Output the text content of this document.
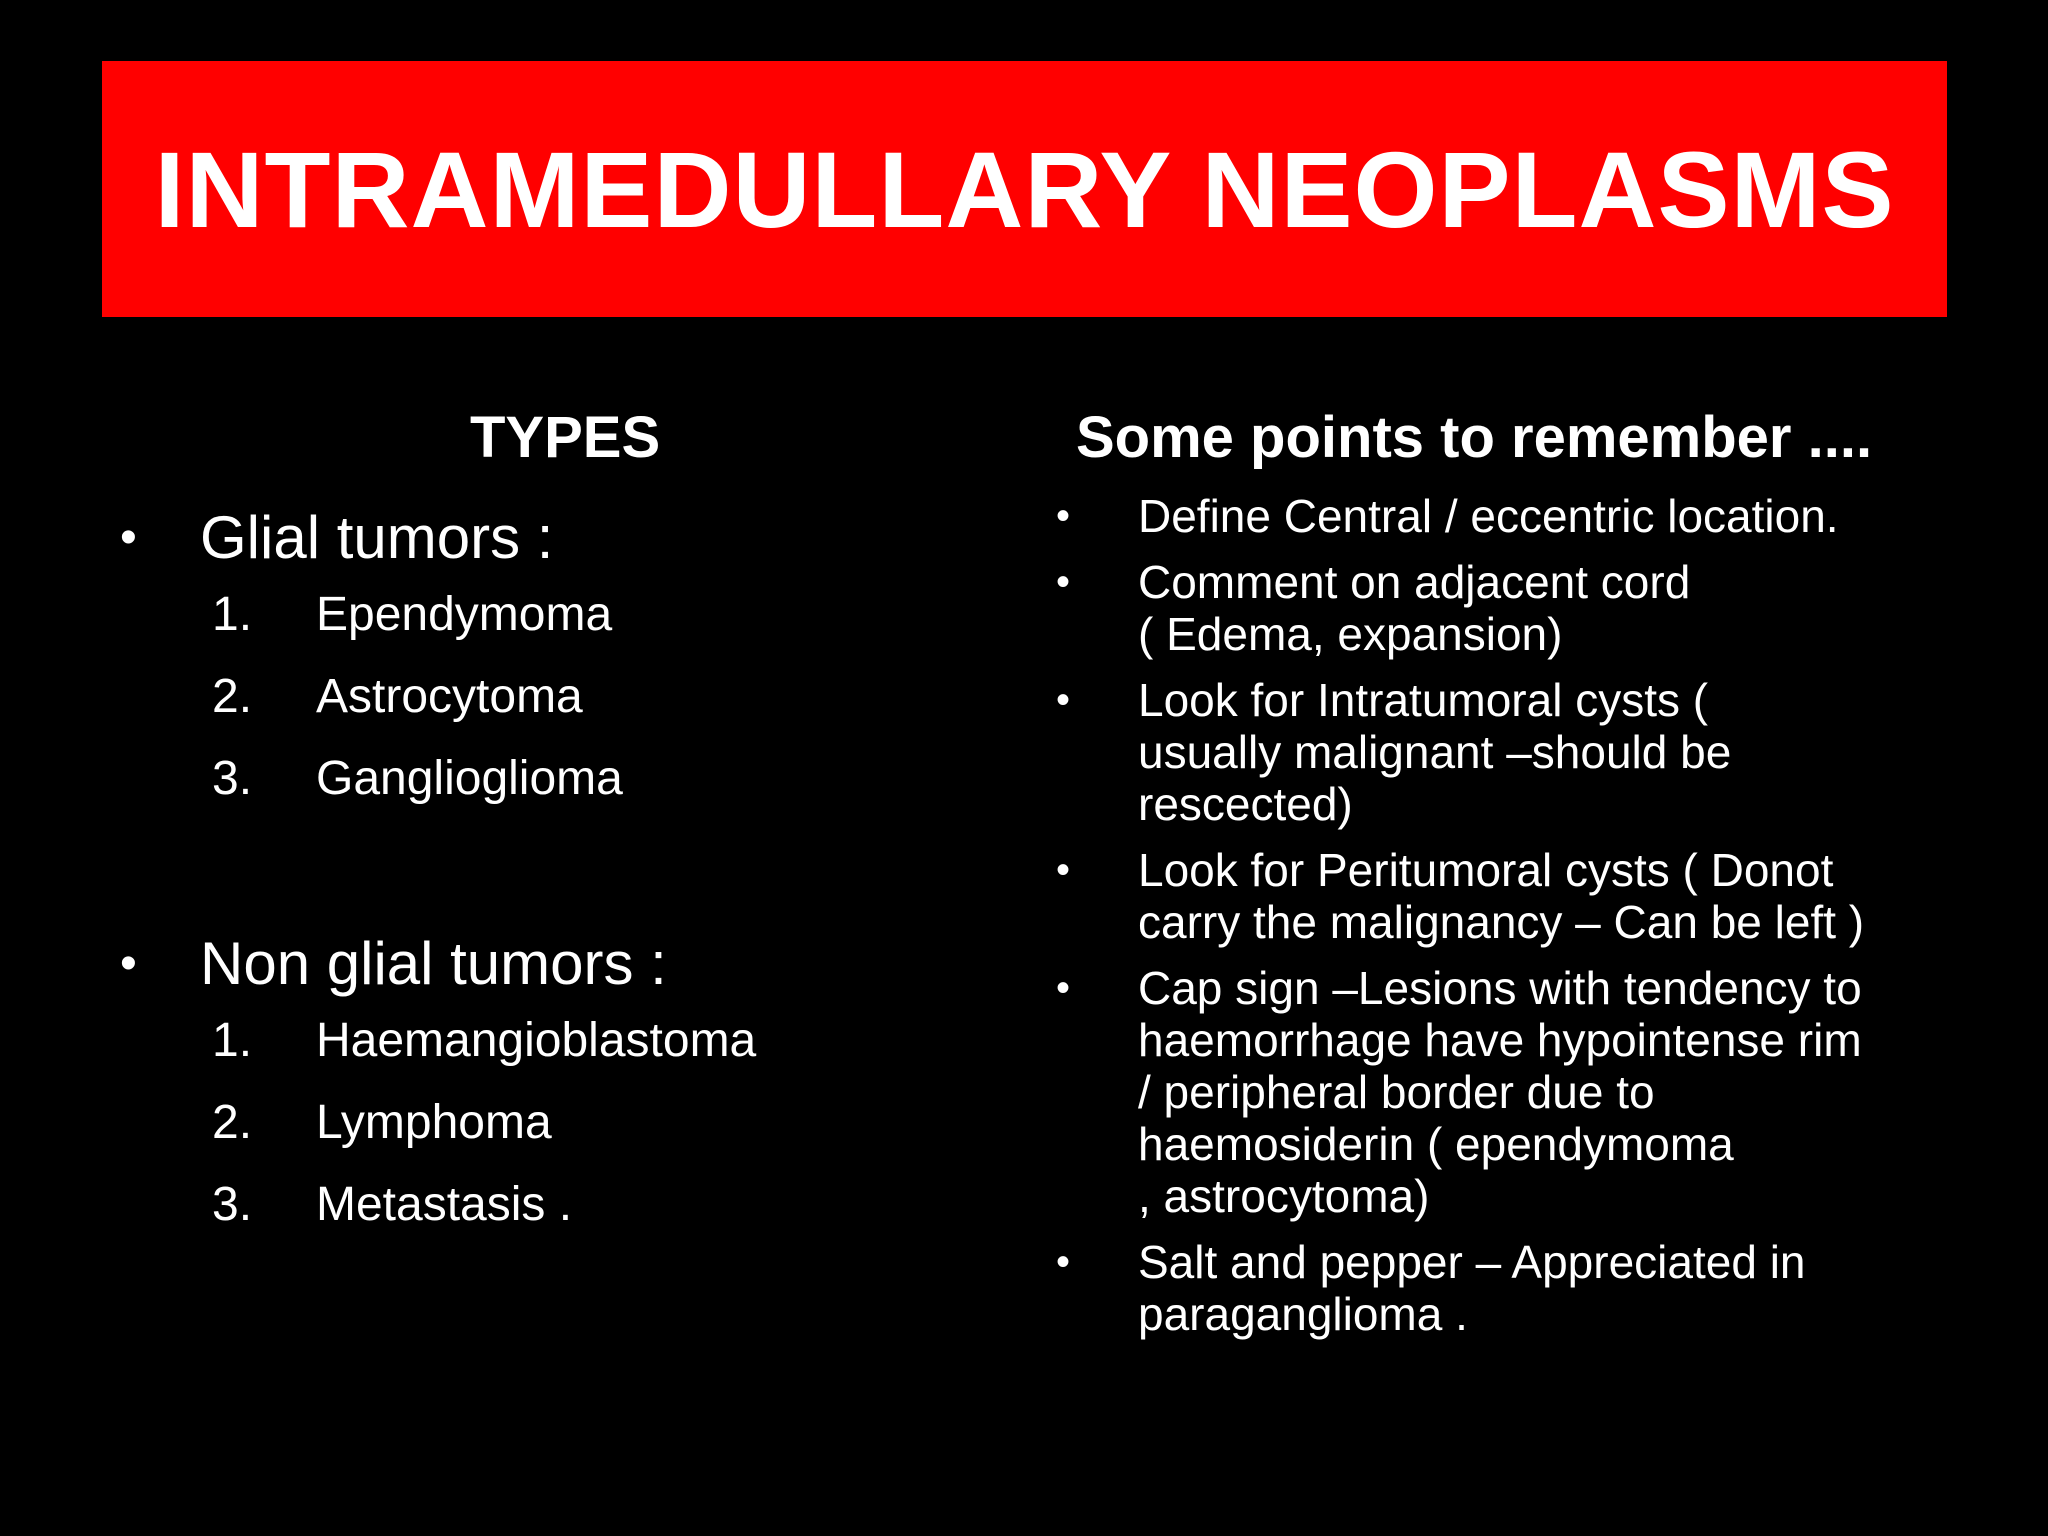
INTRAMEDULLARY NEOPLASMS
TYPES
• Glial tumors :
1. Ependymoma
2. Astrocytoma
3. Ganglioglioma
• Non glial tumors :
1. Haemangioblastoma
2. Lymphoma
3. Metastasis .
Some points to remember ....
• Define Central / eccentric location.
• Comment on adjacent cord
( Edema, expansion)
• Look for Intratumoral cysts (
usually malignant –should be
rescected)
• Look for Peritumoral cysts ( Donot
carry the malignancy – Can be left )
• Cap sign –Lesions with tendency to
haemorrhage have hypointense rim
/ peripheral border due to
haemosiderin ( ependymoma
, astrocytoma)
• Salt and pepper – Appreciated in
paraganglioma .
